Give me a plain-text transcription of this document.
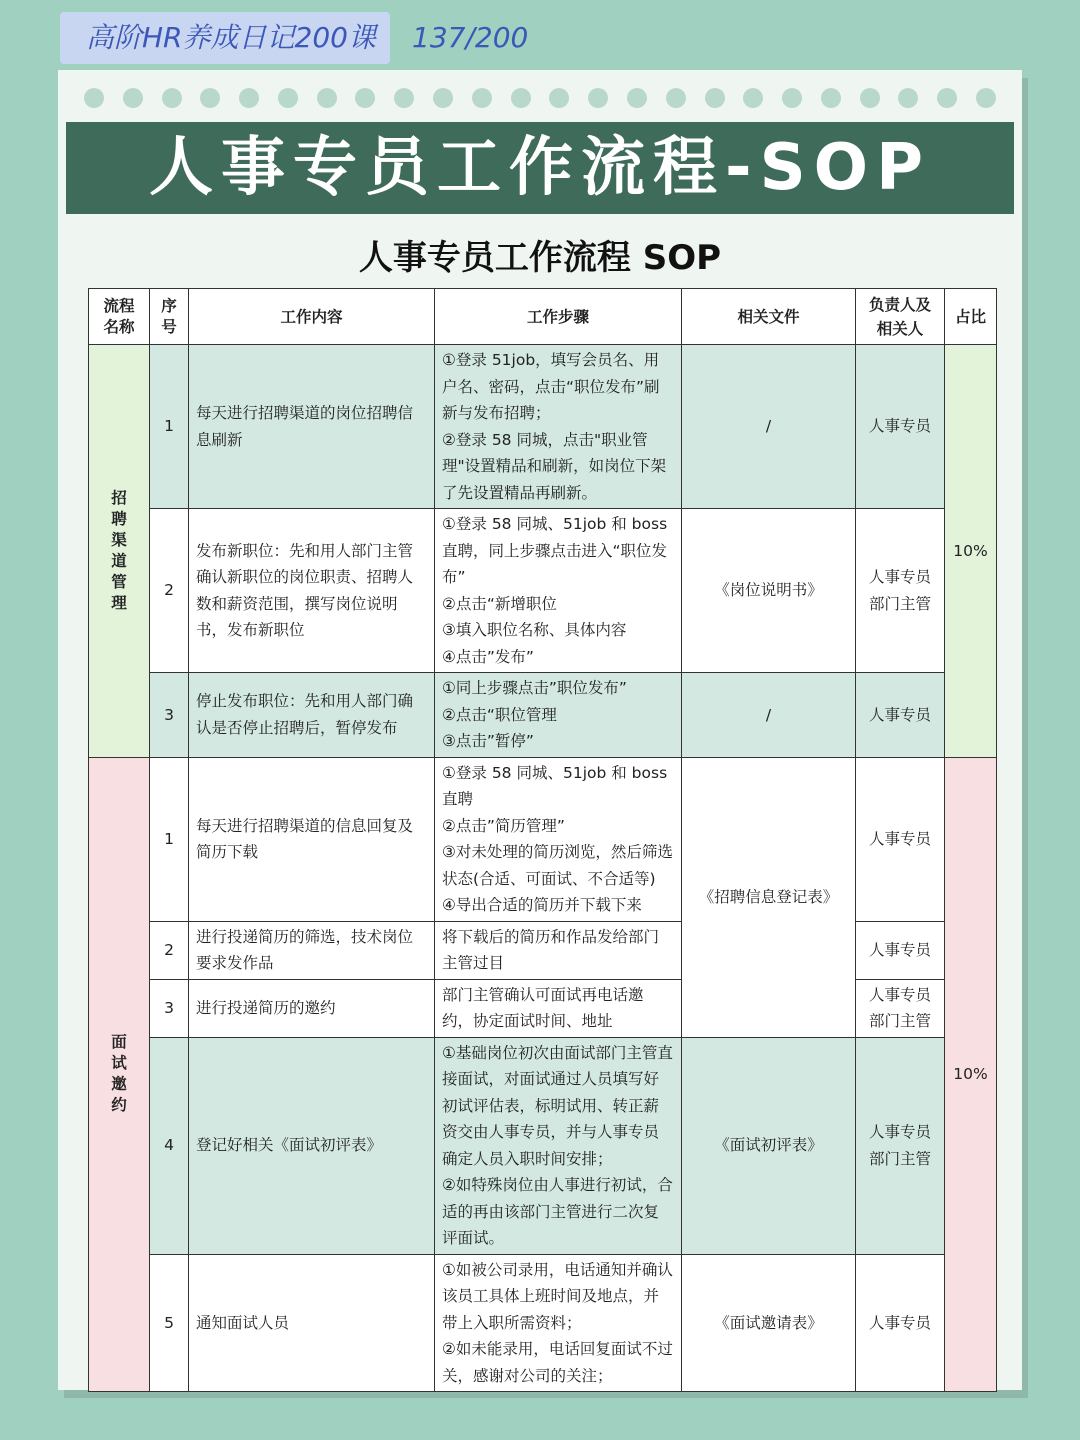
高阶HR养成日记200课	137/200
人事专员工作流程-SOP
人事专员工作流程 SOP
流程名称	序号	工作内容	工作步骤	相关文件	负责人及相关人	占比

招聘渠道管理	1	每天进行招聘渠道的岗位招聘信息刷新	①登录 51job，填写会员名、用户名、密码，点击“职位发布”刷新与发布招聘；
②登录 58 同城，点击"职业管理"设置精品和刷新，如岗位下架了先设置精品再刷新。	/	人事专员	10%
	2	发布新职位：先和用人部门主管确认新职位的岗位职责、招聘人数和薪资范围，撰写岗位说明书，发布新职位	①登录 58 同城、51job 和 boss 直聘，同上步骤点击进入“职位发布”
②点击“新增职位
③填入职位名称、具体内容
④点击”发布”	《岗位说明书》	人事专员
部门主管	

	3	停止发布职位：先和用人部门确认是否停止招聘后，暂停发布	①同上步骤点击”职位发布”
②点击“职位管理
③点击”暂停”	/	人事专员	

面试邀约	1	每天进行招聘渠道的信息回复及简历下载	①登录 58 同城、51job 和 boss 直聘
②点击”简历管理”
③对未处理的简历浏览，然后筛选状态(合适、可面试、不合适等)
④导出合适的简历并下载下来	《招聘信息登记表》	人事专员	10%
	2	进行投递简历的筛选，技术岗位要求发作品	将下载后的简历和作品发给部门主管过目		人事专员	

	3	进行投递简历的邀约	部门主管确认可面试再电话邀约，协定面试时间、地址		人事专员
部门主管	

	4	登记好相关《面试初评表》	①基础岗位初次由面试部门主管直接面试，对面试通过人员填写好初试评估表，标明试用、转正薪资交由人事专员，并与人事专员确定人员入职时间安排；
②如特殊岗位由人事进行初试，合适的再由该部门主管进行二次复评面试。	《面试初评表》	人事专员
部门主管	

	5	通知面试人员	①如被公司录用，电话通知并确认该员工具体上班时间及地点，并带上入职所需资料；
②如未能录用，电话回复面试不过关，感谢对公司的关注；	《面试邀请表》	人事专员	
